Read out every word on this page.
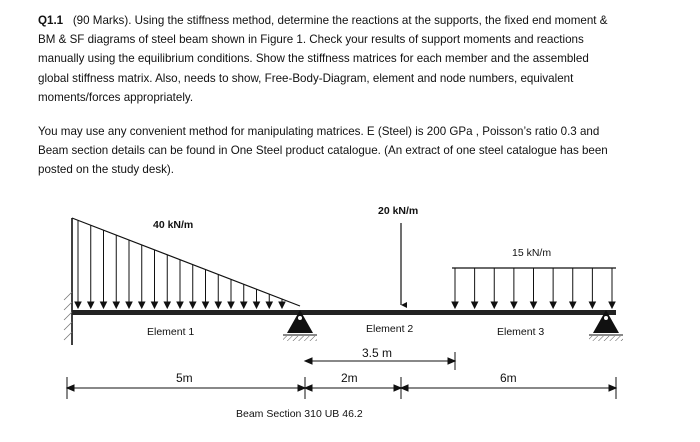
Q1.1 (90 Marks). Using the stiffness method, determine the reactions at the supports, the fixed end moment &
BM & SF diagrams of steel beam shown in Figure 1. Check your results of support moments and reactions
manually using the equilibrium conditions. Show the stiffness matrices for each member and the assembled
global stiffness matrix. Also, needs to show, Free-Body-Diagram, element and node numbers, equivalent
moments/forces appropriately.

You may use any convenient method for manipulating matrices. E (Steel) is 200 GPa , Poisson’s ratio 0.3 and
Beam section details can be found in One Steel product catalogue. (An extract of one steel catalogue has been
posted on the study desk).

40 kN/m
20 kN/m
15 kN/m
Element 1	Element 2	Element 3
3.5 m
5m	2m	6m
Beam Section 310 UB 46.2
